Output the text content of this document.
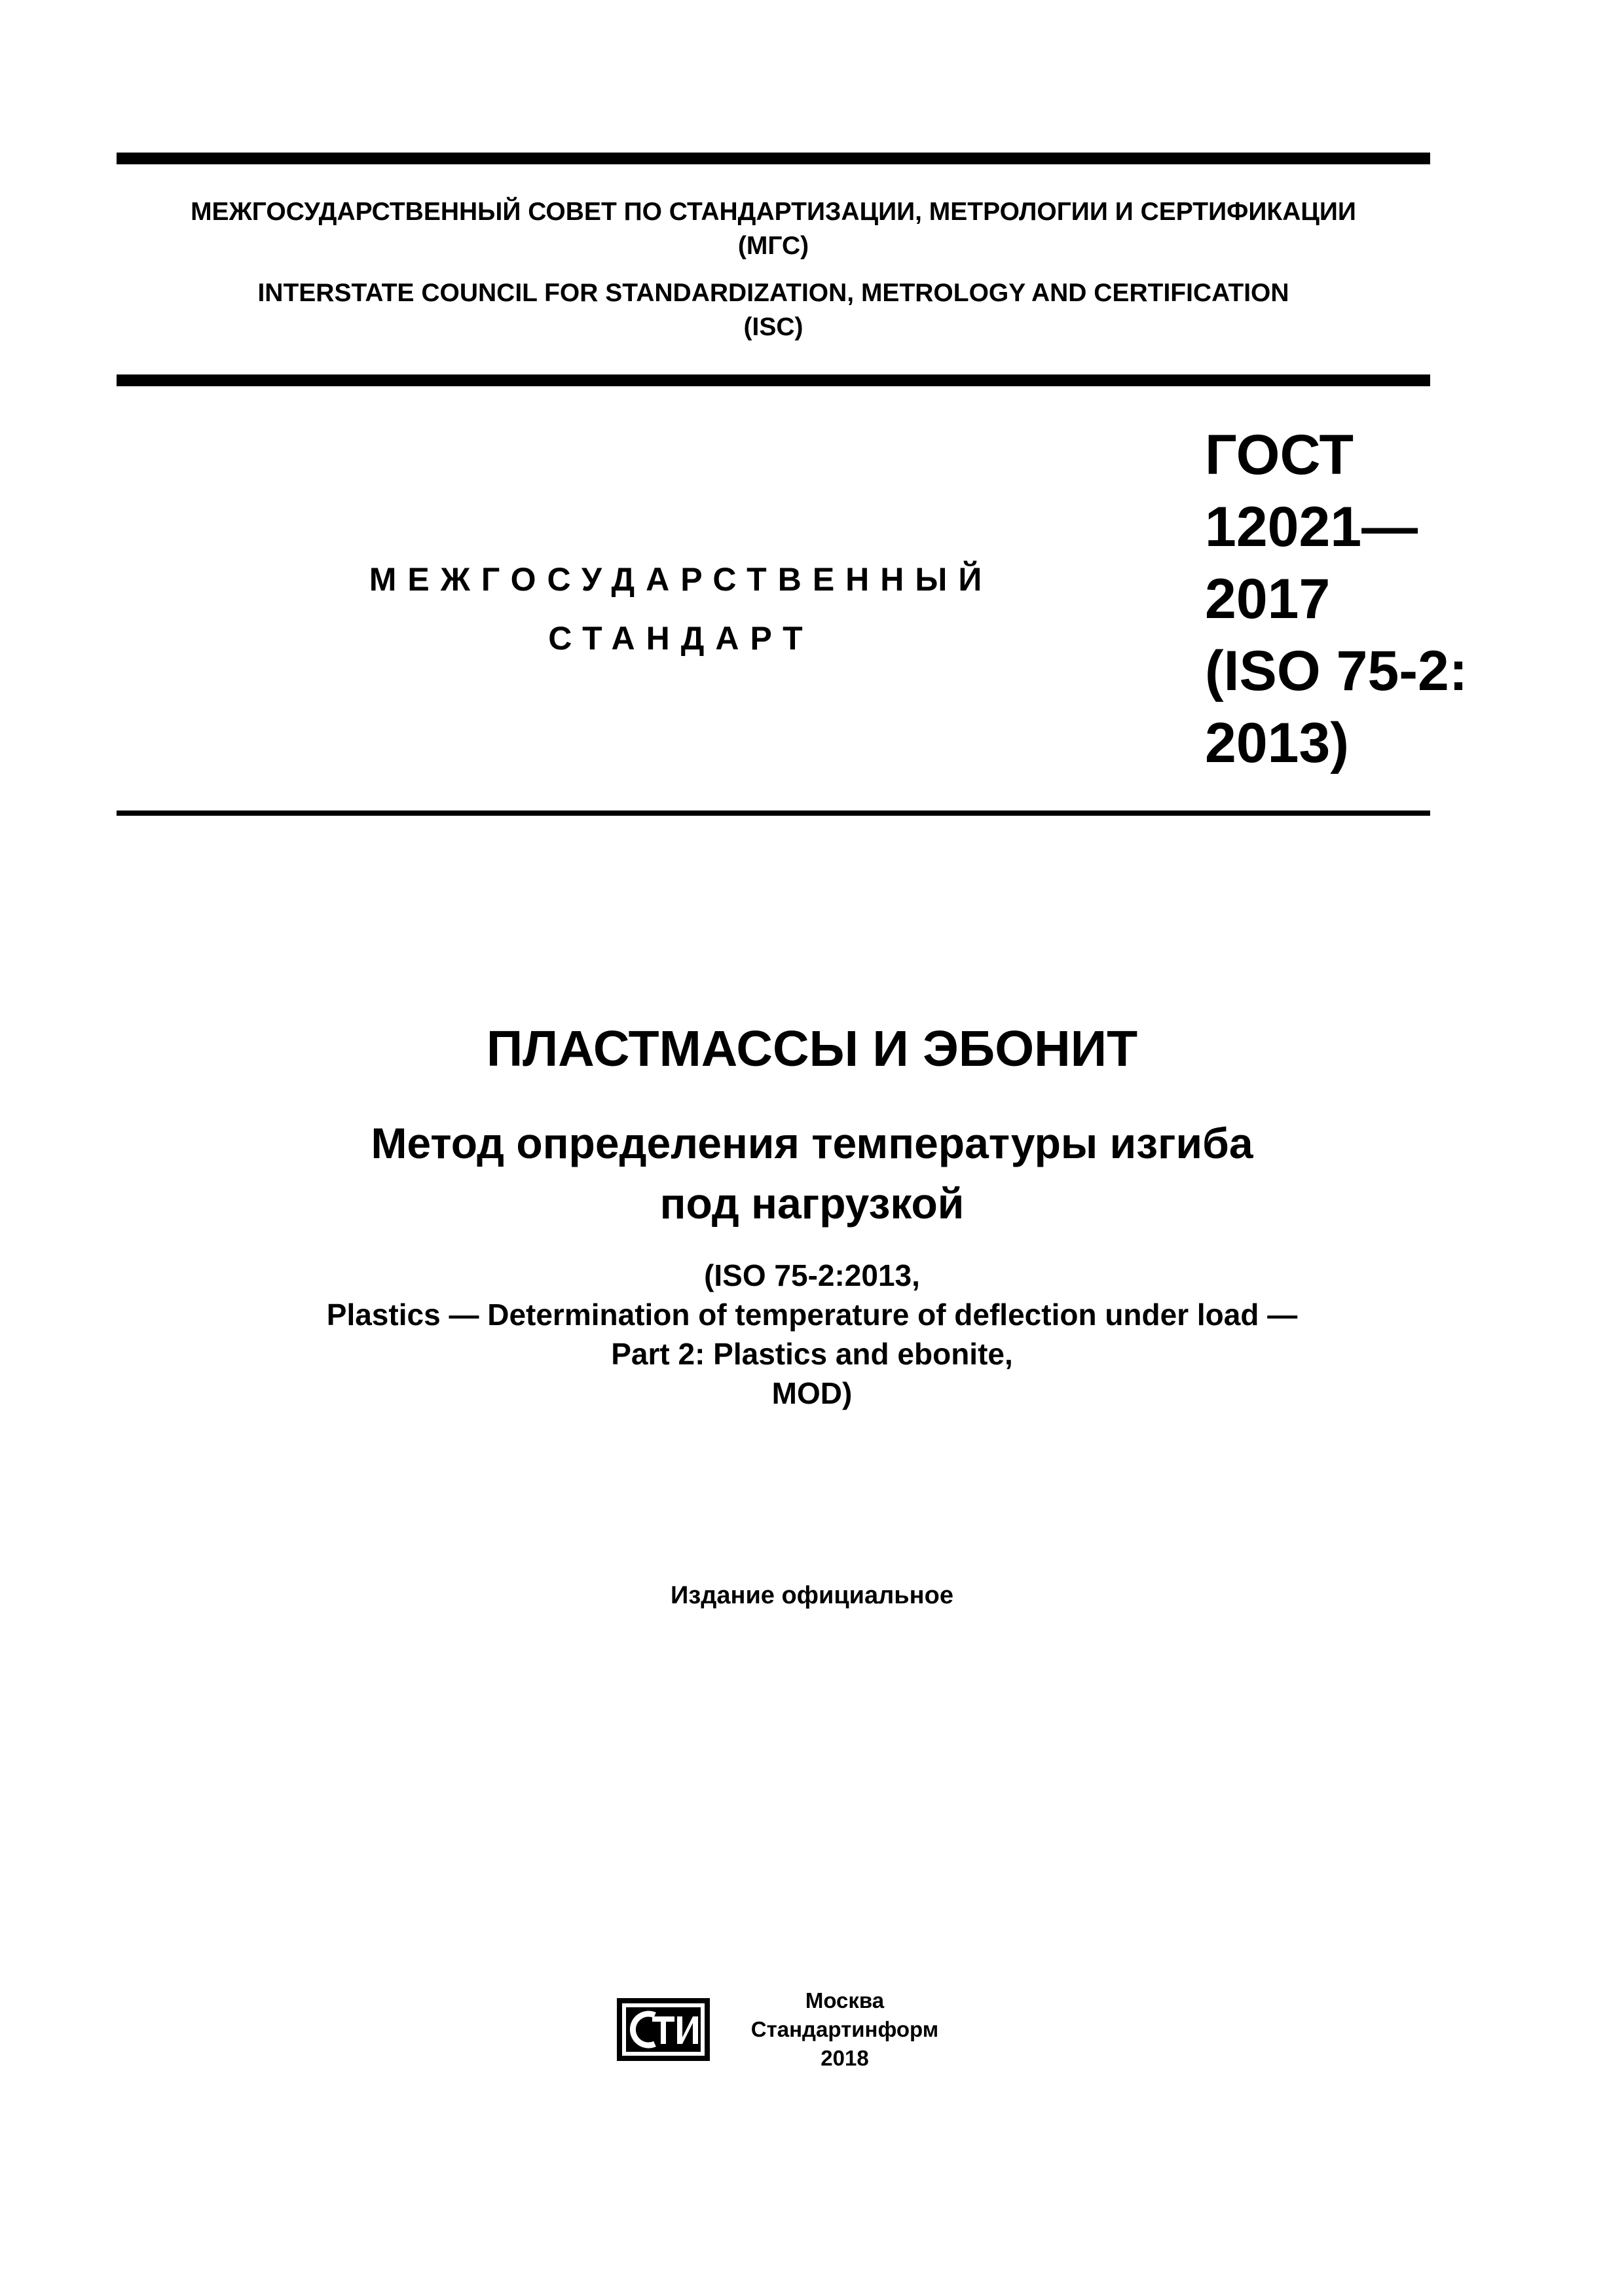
МЕЖГОСУДАРСТВЕННЫЙ СОВЕТ ПО СТАНДАРТИЗАЦИИ, МЕТРОЛОГИИ И СЕРТИФИКАЦИИ
(МГС)
INTERSTATE COUNCIL FOR STANDARDIZATION, METROLOGY AND CERTIFICATION
(ISC)
МЕЖГОСУДАРСТВЕННЫЙ
СТАНДАРТ
ГОСТ
12021—
2017
(ISO 75-2:
2013)
ПЛАСТМАССЫ И ЭБОНИТ
Метод определения температуры изгиба
под нагрузкой
(ISO 75-2:2013,
Plastics — Determination of temperature of deflection under load —
Part 2: Plastics and ebonite,
MOD)
Издание официальное
Москва
Стандартинформ
2018
